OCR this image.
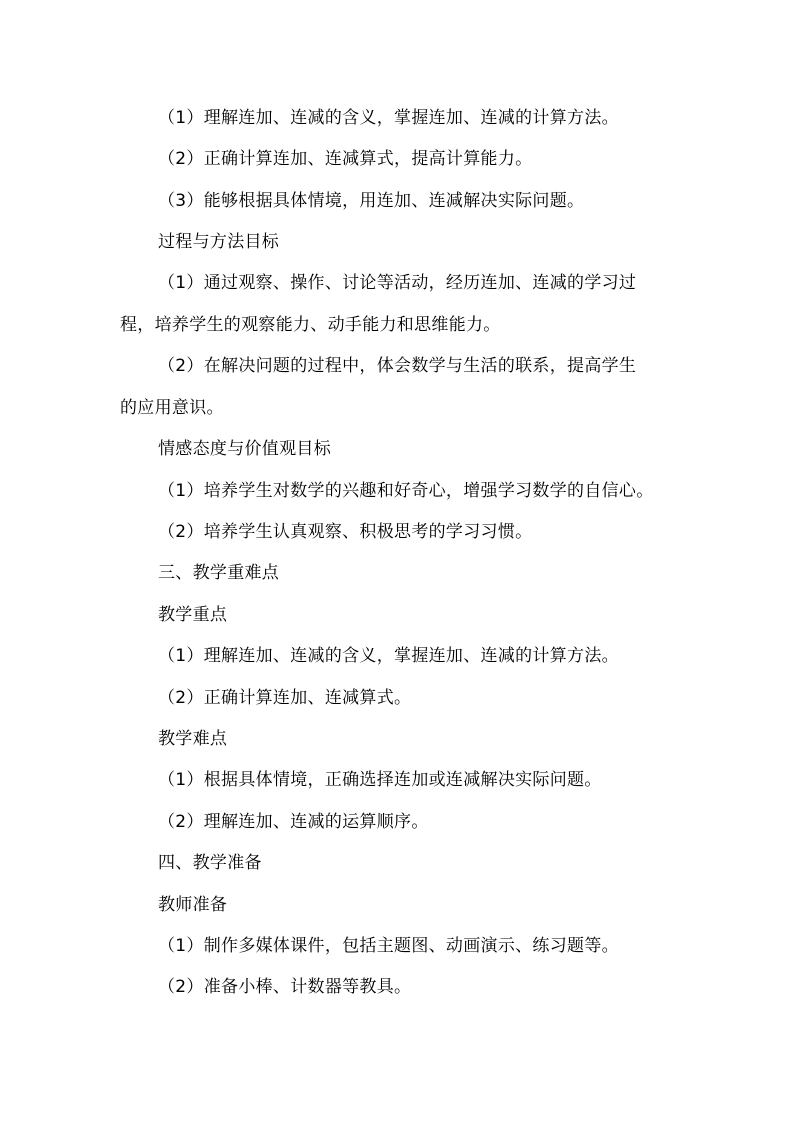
（1）理解连加、连减的含义，掌握连加、连减的计算方法。
（2）正确计算连加、连减算式，提高计算能力。
（3）能够根据具体情境，用连加、连减解决实际问题。
过程与方法目标
（1）通过观察、操作、讨论等活动，经历连加、连减的学习过
程，培养学生的观察能力、动手能力和思维能力。
（2）在解决问题的过程中，体会数学与生活的联系，提高学生
的应用意识。
情感态度与价值观目标
（1）培养学生对数学的兴趣和好奇心，增强学习数学的自信心。
（2）培养学生认真观察、积极思考的学习习惯。
三、教学重难点
教学重点
（1）理解连加、连减的含义，掌握连加、连减的计算方法。
（2）正确计算连加、连减算式。
教学难点
（1）根据具体情境，正确选择连加或连减解决实际问题。
（2）理解连加、连减的运算顺序。
四、教学准备
教师准备
（1）制作多媒体课件，包括主题图、动画演示、练习题等。
（2）准备小棒、计数器等教具。
